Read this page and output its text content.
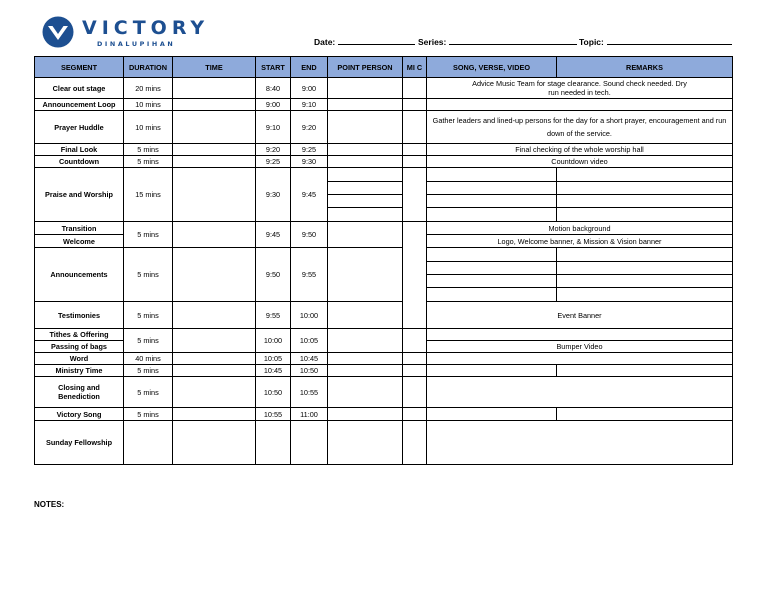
VICTORY
DINALUPIHAN	Date:	Series:	Topic:
SEGMENT	DURATION	TIME	START	END	POINT PERSON	MI C	SONG, VERSE, VIDEO	REMARKS
Clear out stage	20 mins		8:40	9:00			Advice Music Team for stage clearance. Sound check needed. Dry run needed in tech.	
Announcement Loop	10 mins		9:00	9:10				
Prayer Huddle	10 mins		9:10	9:20			Gather leaders and lined-up persons for the day for a short prayer, encouragement and run down of the service.	
Final Look	5 mins		9:20	9:25			Final checking of the whole worship hall	
Countdown	5 mins		9:25	9:30			Countdown video	
Praise and Worship	15 mins		9:30	9:45				

Transition	5 mins		9:45	9:50			Motion background	
Welcome							Logo, Welcome banner, & Mission & Vision banner	
Announcements	5 mins		9:50	9:55				

Testimonies	5 mins		9:55	10:00			Event Banner	
Tithes & Offering	5 mins		10:00	10:05				
Passing of bags							Bumper Video	
Word	40 mins		10:05	10:45				
Ministry Time	5 mins		10:45	10:50				
Closing and Benediction	5 mins		10:50	10:55				
Victory Song	5 mins		10:55	11:00				
Sunday Fellowship								
NOTES:
